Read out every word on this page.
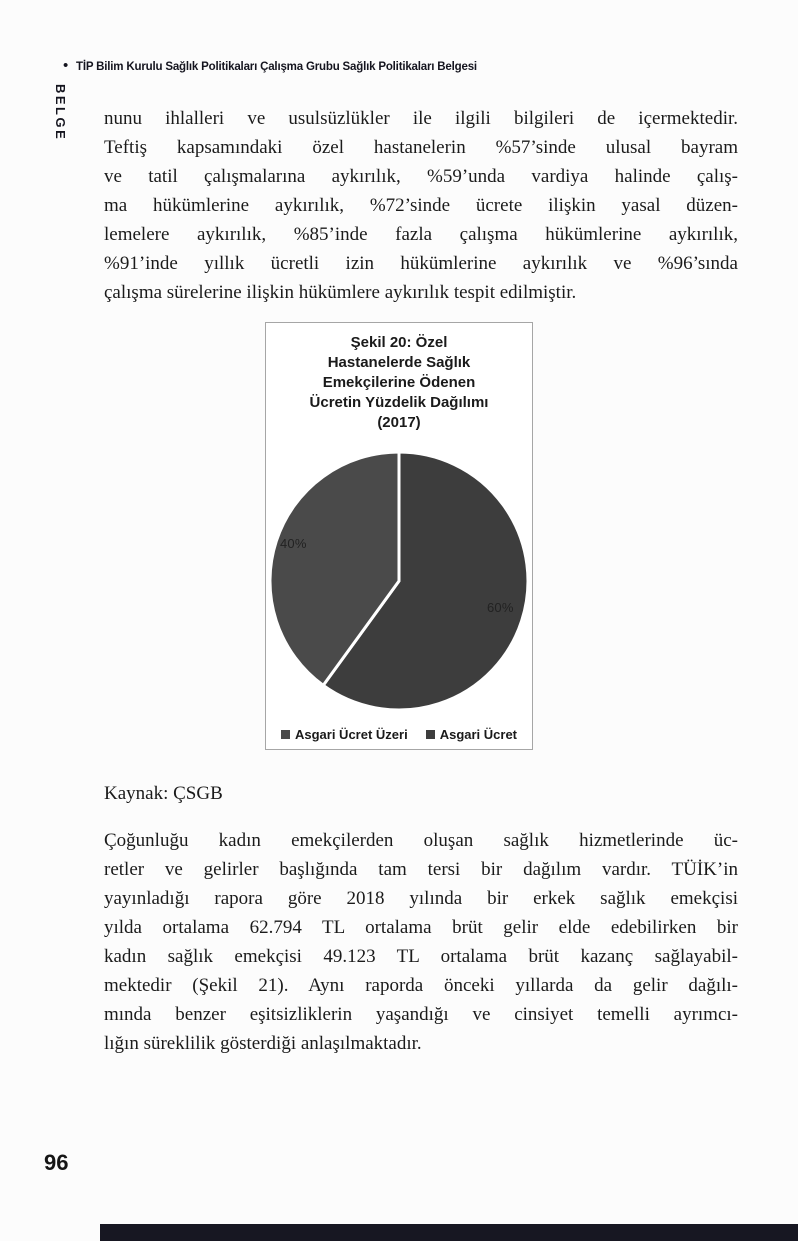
• TİP Bilim Kurulu Sağlık Politikaları Çalışma Grubu Sağlık Politikaları Belgesi
BELGE nunu ihlalleri ve usulsüzlükler ile ilgili bilgileri de içermektedir.
Teftiş kapsamındaki özel hastanelerin %57’sinde ulusal bayram
ve tatil çalışmalarına aykırılık, %59’unda vardiya halinde çalış-
ma hükümlerine aykırılık, %72’sinde ücrete ilişkin yasal düzen-
lemelere aykırılık, %85’inde fazla çalışma hükümlerine aykırılık,
%91’inde yıllık ücretli izin hükümlerine aykırılık ve %96’sında
çalışma sürelerine ilişkin hükümlere aykırılık tespit edilmiştir.
Şekil 20: Özel
Hastanelerde Sağlık
Emekçilerine Ödenen
Ücretin Yüzdelik Dağılımı
(2017)
40%
60%
Asgari Ücret Üzeri Asgari Ücret
Kaynak: ÇSGB
Çoğunluğu kadın emekçilerden oluşan sağlık hizmetlerinde üc-
retler ve gelirler başlığında tam tersi bir dağılım vardır. TÜİK’in
yayınladığı rapora göre 2018 yılında bir erkek sağlık emekçisi
yılda ortalama 62.794 TL ortalama brüt gelir elde edebilirken bir
kadın sağlık emekçisi 49.123 TL ortalama brüt kazanç sağlayabil-
mektedir (Şekil 21). Aynı raporda önceki yıllarda da gelir dağılı-
mında benzer eşitsizliklerin yaşandığı ve cinsiyet temelli ayrımcı-
lığın süreklilik gösterdiği anlaşılmaktadır.
96
